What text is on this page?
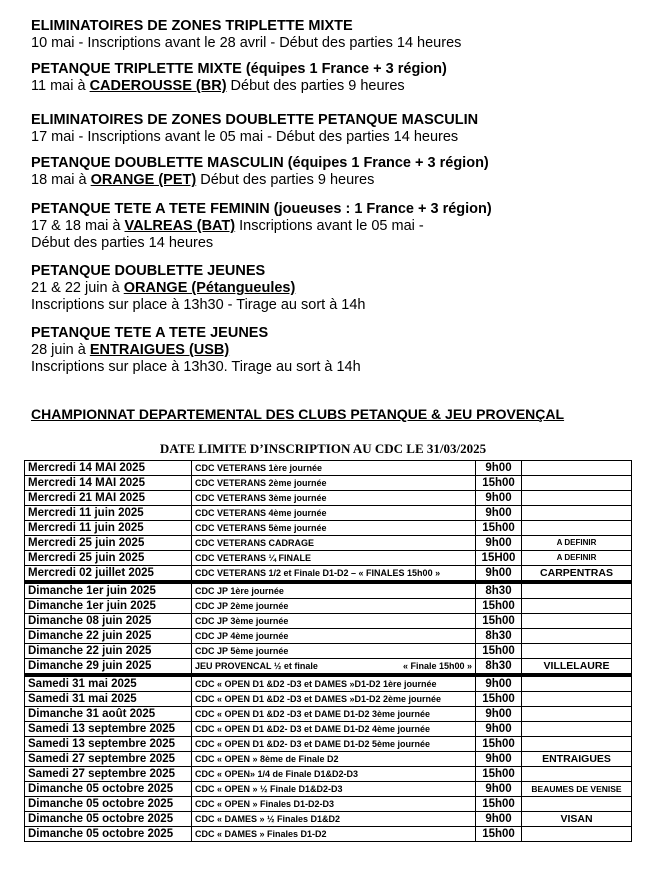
ELIMINATOIRES DE ZONES TRIPLETTE MIXTE
10 mai - Inscriptions avant le 28 avril - Début des parties 14 heures
PETANQUE TRIPLETTE MIXTE (équipes 1 France + 3 région)
11 mai à CADEROUSSE (BR) Début des parties 9 heures
ELIMINATOIRES DE ZONES DOUBLETTE PETANQUE MASCULIN
17 mai - Inscriptions avant le 05 mai - Début des parties 14 heures
PETANQUE DOUBLETTE MASCULIN (équipes 1 France + 3 région)
18 mai à ORANGE (PET) Début des parties 9 heures
PETANQUE TETE A TETE FEMININ (joueuses : 1 France + 3 région)
17 & 18 mai à VALREAS (BAT) Inscriptions avant le 05 mai -
Début des parties 14 heures
PETANQUE DOUBLETTE JEUNES
21 & 22 juin à ORANGE (Pétangueules)
Inscriptions sur place à 13h30 - Tirage au sort à 14h
PETANQUE TETE A TETE JEUNES
28 juin à ENTRAIGUES (USB)
Inscriptions sur place à 13h30. Tirage au sort à 14h
CHAMPIONNAT DEPARTEMENTAL DES CLUBS PETANQUE & JEU PROVENÇAL
DATE LIMITE D’INSCRIPTION AU CDC LE 31/03/2025
Mercredi 14 MAI 2025	CDC VETERANS 1ère journée	9h00	
Mercredi 14 MAI 2025	CDC VETERANS 2ème journée	15h00	
Mercredi 21 MAI 2025	CDC VETERANS 3ème journée	9h00	
Mercredi 11 juin 2025	CDC VETERANS 4ème journée	9h00	
Mercredi 11 juin 2025	CDC VETERANS 5ème journée	15h00	
Mercredi 25 juin 2025	CDC VETERANS CADRAGE	9h00	A DEFINIR
Mercredi 25 juin 2025	CDC VETERANS ¼ FINALE	15H00	A DEFINIR
Mercredi 02 juillet 2025	CDC VETERANS 1/2 et Finale D1-D2 – « FINALES 15h00 »	9h00	CARPENTRAS
Dimanche 1er juin 2025	CDC JP 1ère journée	8h30	
Dimanche 1er juin 2025	CDC JP 2ème journée	15h00	
Dimanche 08 juin 2025	CDC JP 3ème journée	15h00	
Dimanche 22 juin 2025	CDC JP 4ème journée	8h30	
Dimanche 22 juin 2025	CDC JP 5ème journée	15h00	
Dimanche 29 juin 2025	JEU PROVENCAL ½ et finale « Finale 15h00 »	8h30	VILLELAURE
Samedi 31 mai 2025	CDC « OPEN D1 &D2 -D3 et DAMES »D1-D2 1ère journée	9h00	
Samedi 31 mai 2025	CDC « OPEN D1 &D2 -D3 et DAMES »D1-D2 2ème journée	15h00	
Dimanche 31 août 2025	CDC « OPEN D1 &D2 -D3 et DAME D1-D2 3ème journée	9h00	
Samedi 13 septembre 2025	CDC « OPEN D1 &D2- D3 et DAME D1-D2 4ème journée	9h00	
Samedi 13 septembre 2025	CDC « OPEN D1 &D2- D3 et DAME D1-D2 5ème journée	15h00	
Samedi 27 septembre 2025	CDC « OPEN » 8ème de Finale D2	9h00	ENTRAIGUES
Samedi 27 septembre 2025	CDC « OPEN» 1/4 de Finale D1&D2-D3	15h00	
Dimanche 05 octobre 2025	CDC « OPEN » ½ Finale D1&D2-D3	9h00	BEAUMES DE VENISE
Dimanche 05 octobre 2025	CDC « OPEN » Finales D1-D2-D3	15h00	
Dimanche 05 octobre 2025	CDC « DAMES » ½ Finales D1&D2	9h00	VISAN
Dimanche 05 octobre 2025	CDC « DAMES » Finales D1-D2	15h00	
